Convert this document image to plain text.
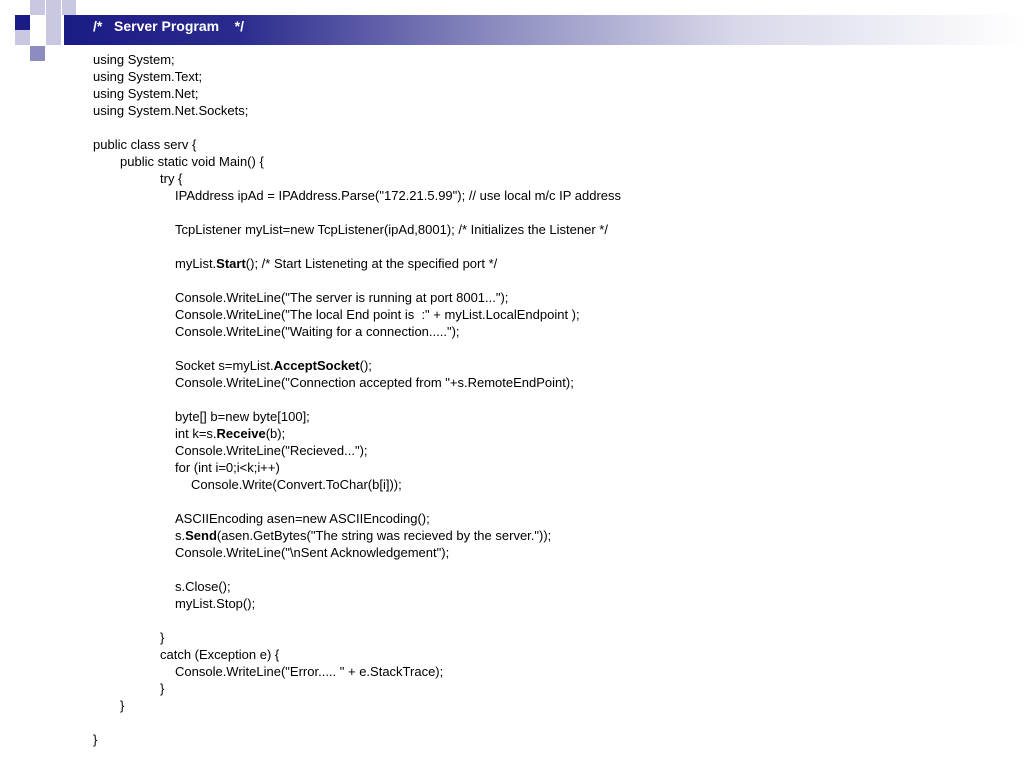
/*   Server Program    */
using System;
using System.Text;
using System.Net;
using System.Net.Sockets;
public class serv {
public static void Main() {
try {
IPAddress ipAd = IPAddress.Parse("172.21.5.99"); // use local m/c IP address
TcpListener myList=new TcpListener(ipAd,8001); /* Initializes the Listener */
myList.Start(); /* Start Listeneting at the specified port */
Console.WriteLine("The server is running at port 8001...");
Console.WriteLine("The local End point is  :" + myList.LocalEndpoint );
Console.WriteLine("Waiting for a connection.....");
Socket s=myList.AcceptSocket();
Console.WriteLine("Connection accepted from "+s.RemoteEndPoint);
byte[] b=new byte[100];
int k=s.Receive(b);
Console.WriteLine("Recieved...");
for (int i=0;i<k;i++)
Console.Write(Convert.ToChar(b[i]));
ASCIIEncoding asen=new ASCIIEncoding();
s.Send(asen.GetBytes("The string was recieved by the server."));
Console.WriteLine("\nSent Acknowledgement");
s.Close();
myList.Stop();
}
catch (Exception e) {
Console.WriteLine("Error..... " + e.StackTrace);
}
}
}
